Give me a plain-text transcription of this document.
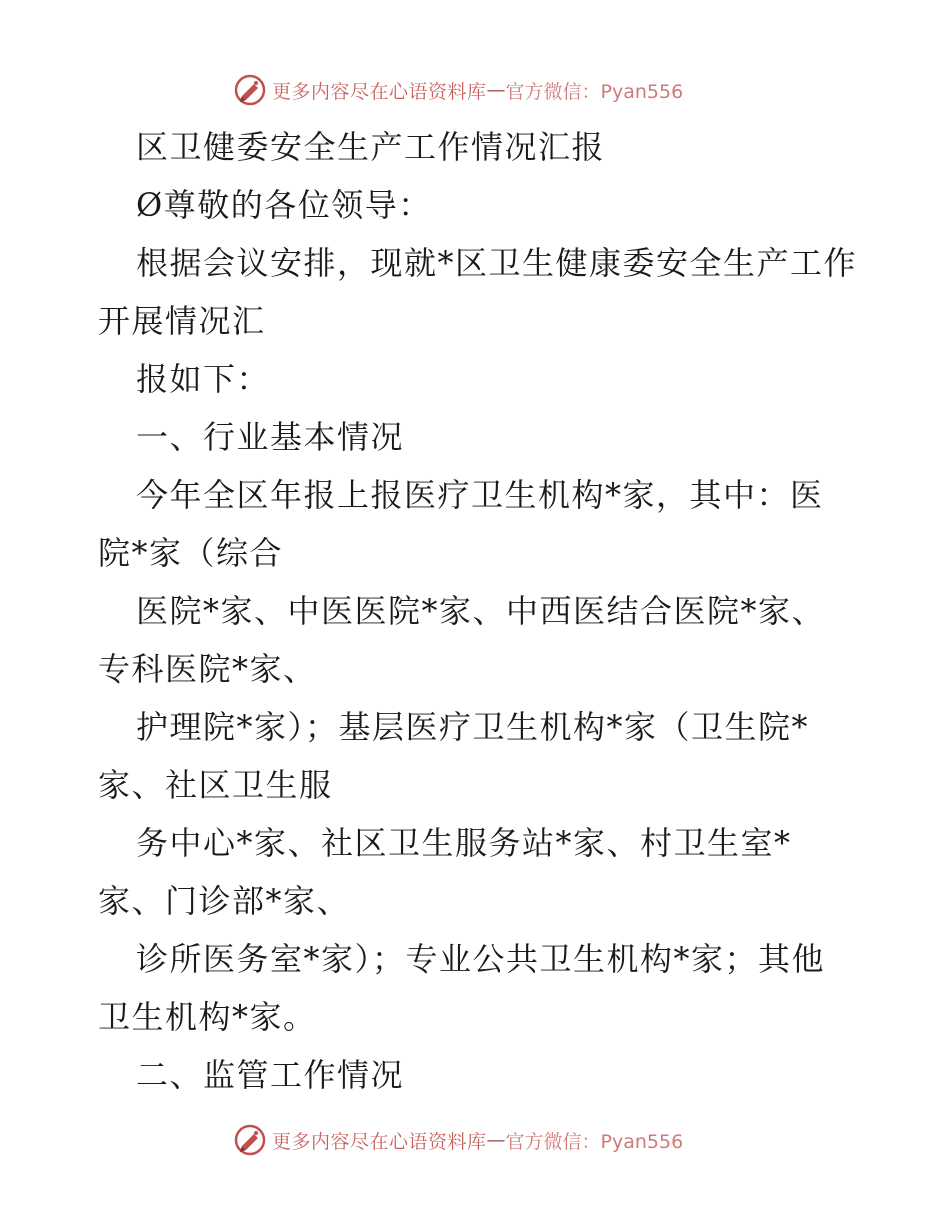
更多内容尽在心语资料库 — 官方微信：Pyan556
区卫健委安全生产工作情况汇报
Ø尊敬的各位领导：
根据会议安排，现就*区卫生健康委安全生产工作
开展情况汇
报如下：
一、行业基本情况
今年全区年报上报医疗卫生机构*家，其中：医
院*家（综合
医院*家、中医医院*家、中西医结合医院*家、
专科医院*家、
护理院*家）；基层医疗卫生机构*家（卫生院*
家、社区卫生服
务中心*家、社区卫生服务站*家、村卫生室*
家、门诊部*家、
诊所医务室*家）；专业公共卫生机构*家；其他
卫生机构*家。
二、监管工作情况
更多内容尽在心语资料库 — 官方微信：Pyan556
